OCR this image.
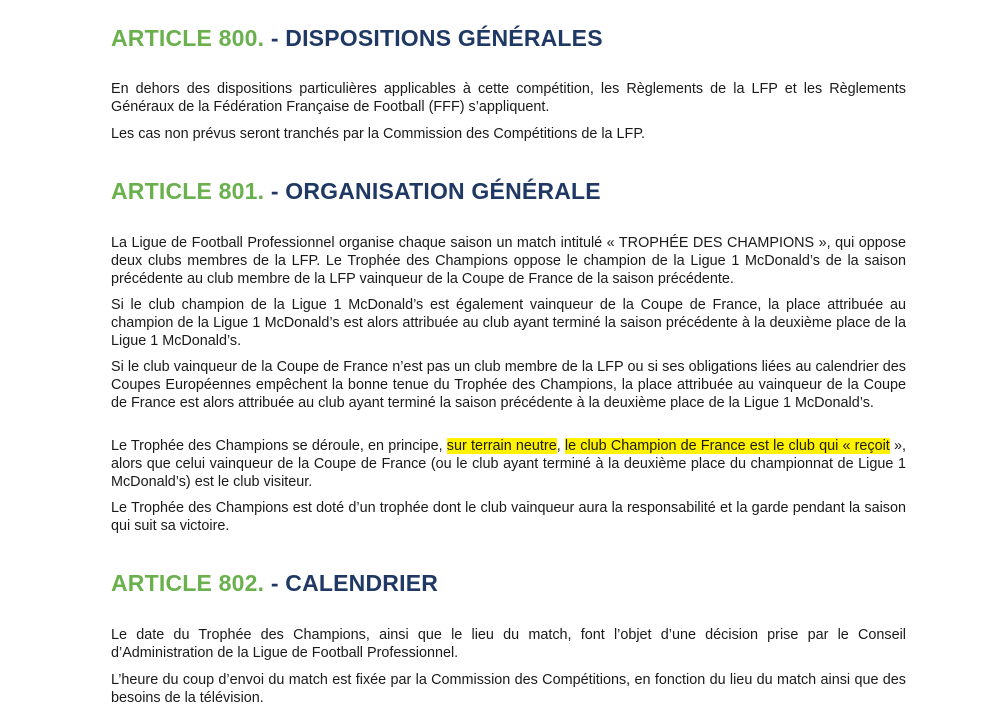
ARTICLE 800. - DISPOSITIONS GÉNÉRALES

En dehors des dispositions particulières applicables à cette compétition, les Règlements de la LFP et les Règlements Généraux de la Fédération Française de Football (FFF) s’appliquent.

Les cas non prévus seront tranchés par la Commission des Compétitions de la LFP.

ARTICLE 801. - ORGANISATION GÉNÉRALE

La Ligue de Football Professionnel organise chaque saison un match intitulé « TROPHÉE DES CHAMPIONS », qui oppose deux clubs membres de la LFP. Le Trophée des Champions oppose le champion de la Ligue 1 McDonald’s de la saison précédente au club membre de la LFP vainqueur de la Coupe de France de la saison précédente.

Si le club champion de la Ligue 1 McDonald’s est également vainqueur de la Coupe de France, la place attribuée au champion de la Ligue 1 McDonald’s est alors attribuée au club ayant terminé la saison précédente à la deuxième place de la Ligue 1 McDonald’s.

Si le club vainqueur de la Coupe de France n’est pas un club membre de la LFP ou si ses obligations liées au calendrier des Coupes Européennes empêchent la bonne tenue du Trophée des Champions, la place attribuée au vainqueur de la Coupe de France est alors attribuée au club ayant terminé la saison précédente à la deuxième place de la Ligue 1 McDonald’s.

Le Trophée des Champions se déroule, en principe, sur terrain neutre, le club Champion de France est le club qui « reçoit », alors que celui vainqueur de la Coupe de France (ou le club ayant terminé à la deuxième place du championnat de Ligue 1 McDonald’s) est le club visiteur.

Le Trophée des Champions est doté d’un trophée dont le club vainqueur aura la responsabilité et la garde pendant la saison qui suit sa victoire.

ARTICLE 802. - CALENDRIER

Le date du Trophée des Champions, ainsi que le lieu du match, font l’objet d’une décision prise par le Conseil d’Administration de la Ligue de Football Professionnel.

L’heure du coup d’envoi du match est fixée par la Commission des Compétitions, en fonction du lieu du match ainsi que des besoins de la télévision.
